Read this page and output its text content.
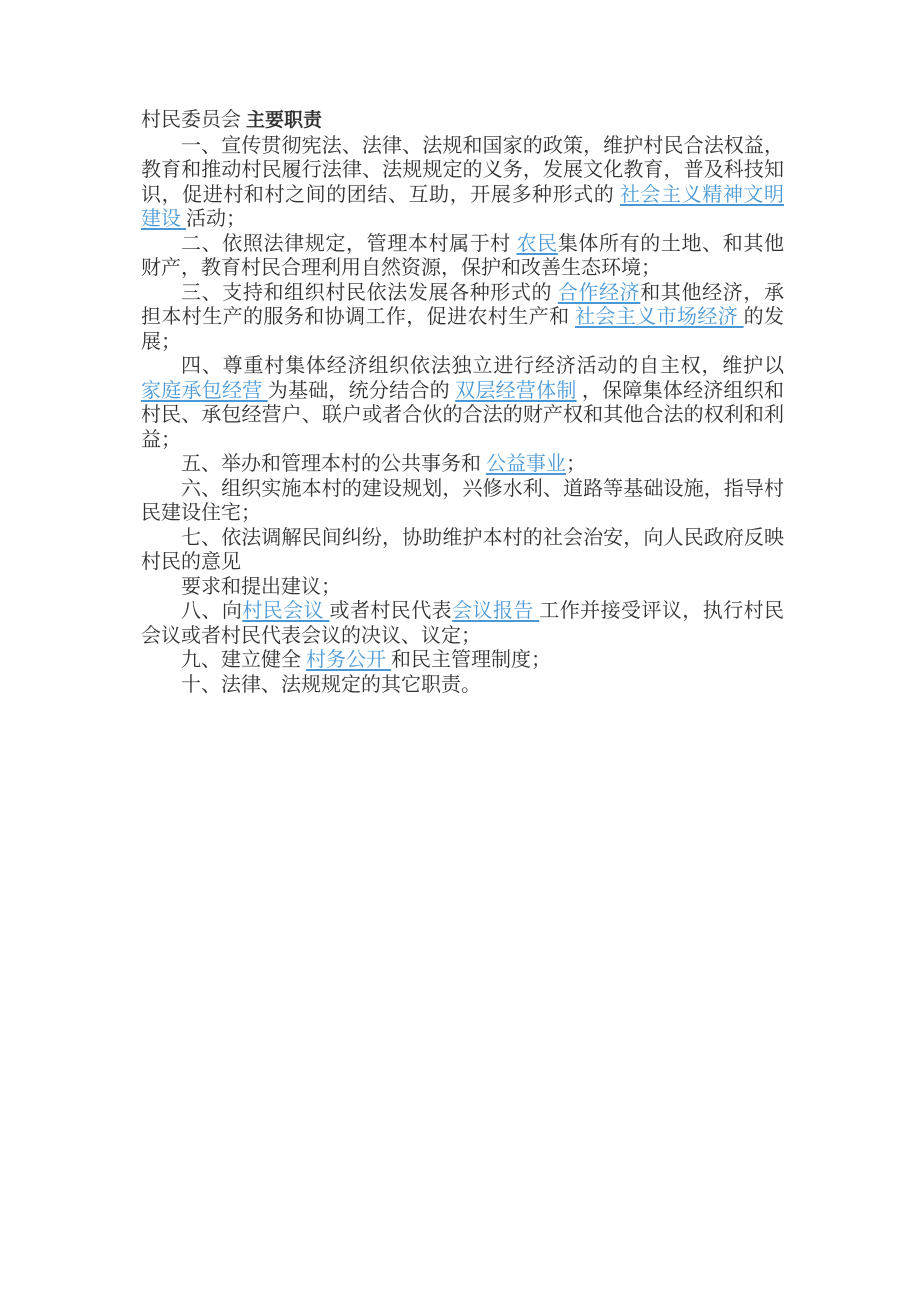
村民委员会 主要职责

一、宣传贯彻宪法、法律、法规和国家的政策，维护村民合法权益，教育和推动村民履行法律、法规规定的义务，发展文化教育，普及科技知识，促进村和村之间的团结、互助，开展多种形式的 社会主义精神文明建设 活动；

二、依照法律规定，管理本村属于村 农民集体所有的土地、和其他财产，教育村民合理利用自然资源，保护和改善生态环境；

三、支持和组织村民依法发展各种形式的 合作经济和其他经济，承担本村生产的服务和协调工作，促进农村生产和 社会主义市场经济 的发展；

四、尊重村集体经济组织依法独立进行经济活动的自主权，维护以 家庭承包经营 为基础，统分结合的 双层经营体制 ，保障集体经济组织和村民、承包经营户、联户或者合伙的合法的财产权和其他合法的权利和利益；

五、举办和管理本村的公共事务和 公益事业；

六、组织实施本村的建设规划，兴修水利、道路等基础设施，指导村民建设住宅；

七、依法调解民间纠纷，协助维护本村的社会治安，向人民政府反映村民的意见

要求和提出建议；

八、向村民会议 或者村民代表会议报告 工作并接受评议，执行村民会议或者村民代表会议的决议、议定；

九、建立健全 村务公开 和民主管理制度；

十、法律、法规规定的其它职责。
